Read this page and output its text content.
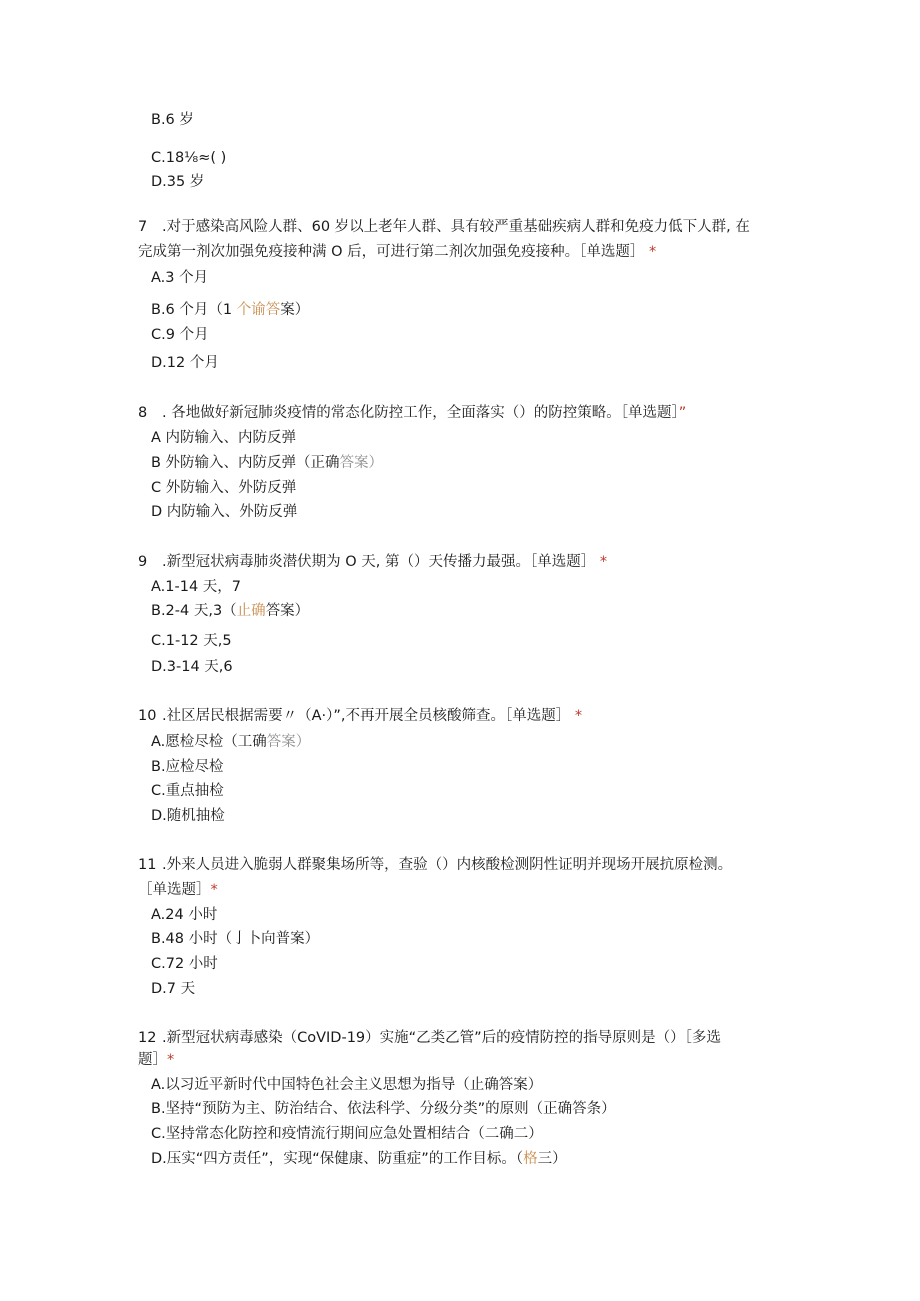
B.6 岁

C.18⅛≈( )

D.35 岁

7 .对于感染高风险人群、60 岁以上老年人群、具有较严重基础疾病人群和免疫力低下人群, 在

完成第一剂次加强免疫接种满 O 后，可进行第二剂次加强免疫接种。［单选题］ *

A.3 个月

B.6 个月（1 个谕答案）

C.9 个月

D.12 个月

8 . 各地做好新冠肺炎疫情的常态化防控工作，全面落实（）的防控策略。［单选题］”

A 内防输入、内防反弹

B 外防输入、内防反弹（正确答案）

C 外防输入、外防反弹

D 内防输入、外防反弹

9 .新型冠状病毒肺炎潜伏期为 O 天, 第（）天传播力最强。［单选题］ *

A.1-14 天，7

B.2-4 天,3（止确答案）

C.1-12 天,5

D.3-14 天,6

10 .社区居民根据需要〃（A·）”,不再开展全员核酸筛查。［单选题］ *

A.愿检尽检（工确答案）

B.应检尽检

C.重点抽检

D.随机抽检

11 .外来人员进入脆弱人群聚集场所等，查验（）内核酸检测阴性证明并现场开展抗原检测。

［单选题］*

A.24 小时

B.48 小时（亅卜向普案）

C.72 小时

D.7 天

12 .新型冠状病毒感染（CoVID-19）实施“乙类乙管”后的疫情防控的指导原则是（）［多选

题］*

A.以习近平新时代中国特色社会主义思想为指导（止确答案）

B.坚持“预防为主、防治结合、依法科学、分级分类”的原则（正确答条）

C.坚持常态化防控和疫情流行期间应急处置相结合（二确二）

D.压实“四方责任”，实现“保健康、防重症”的工作目标。（格三）
